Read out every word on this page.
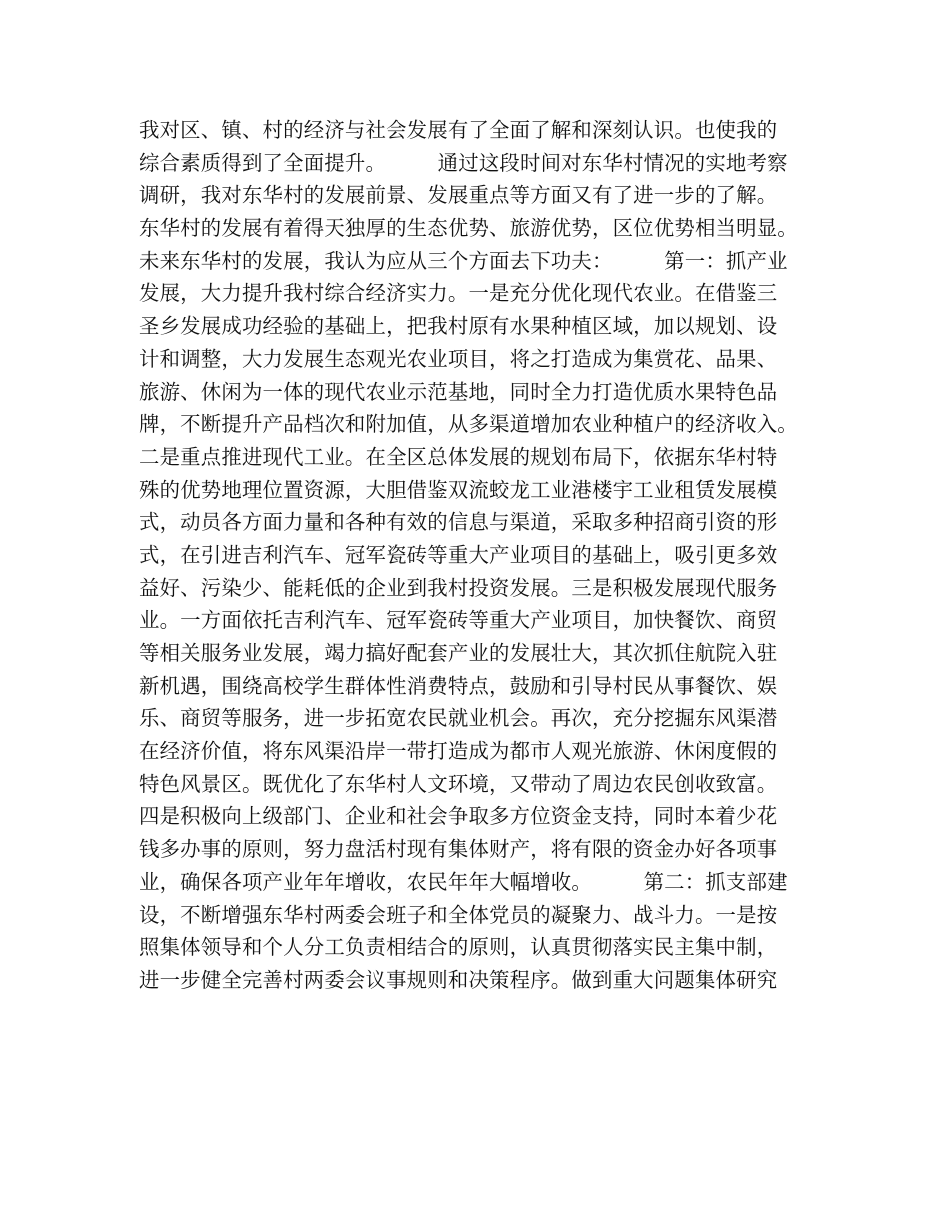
我对区、镇、村的经济与社会发展有了全面了解和深刻认识。也使我的
综合素质得到了全面提升。　　　通过这段时间对东华村情况的实地考察
调研，我对东华村的发展前景、发展重点等方面又有了进一步的了解。
东华村的发展有着得天独厚的生态优势、旅游优势，区位优势相当明显。
未来东华村的发展，我认为应从三个方面去下功夫：　　　第一：抓产业
发展，大力提升我村综合经济实力。一是充分优化现代农业。在借鉴三
圣乡发展成功经验的基础上，把我村原有水果种植区域，加以规划、设
计和调整，大力发展生态观光农业项目，将之打造成为集赏花、品果、
旅游、休闲为一体的现代农业示范基地，同时全力打造优质水果特色品
牌，不断提升产品档次和附加值，从多渠道增加农业种植户的经济收入。
二是重点推进现代工业。在全区总体发展的规划布局下，依据东华村特
殊的优势地理位置资源，大胆借鉴双流蛟龙工业港楼宇工业租赁发展模
式，动员各方面力量和各种有效的信息与渠道，采取多种招商引资的形
式，在引进吉利汽车、冠军瓷砖等重大产业项目的基础上，吸引更多效
益好、污染少、能耗低的企业到我村投资发展。三是积极发展现代服务
业。一方面依托吉利汽车、冠军瓷砖等重大产业项目，加快餐饮、商贸
等相关服务业发展，竭力搞好配套产业的发展壮大，其次抓住航院入驻
新机遇，围绕高校学生群体性消费特点，鼓励和引导村民从事餐饮、娱
乐、商贸等服务，进一步拓宽农民就业机会。再次，充分挖掘东风渠潜
在经济价值，将东风渠沿岸一带打造成为都市人观光旅游、休闲度假的
特色风景区。既优化了东华村人文环境，又带动了周边农民创收致富。
四是积极向上级部门、企业和社会争取多方位资金支持，同时本着少花
钱多办事的原则，努力盘活村现有集体财产，将有限的资金办好各项事
业，确保各项产业年年增收，农民年年大幅增收。　　　第二：抓支部建
设，不断增强东华村两委会班子和全体党员的凝聚力、战斗力。一是按
照集体领导和个人分工负责相结合的原则，认真贯彻落实民主集中制，
进一步健全完善村两委会议事规则和决策程序。做到重大问题集体研究
